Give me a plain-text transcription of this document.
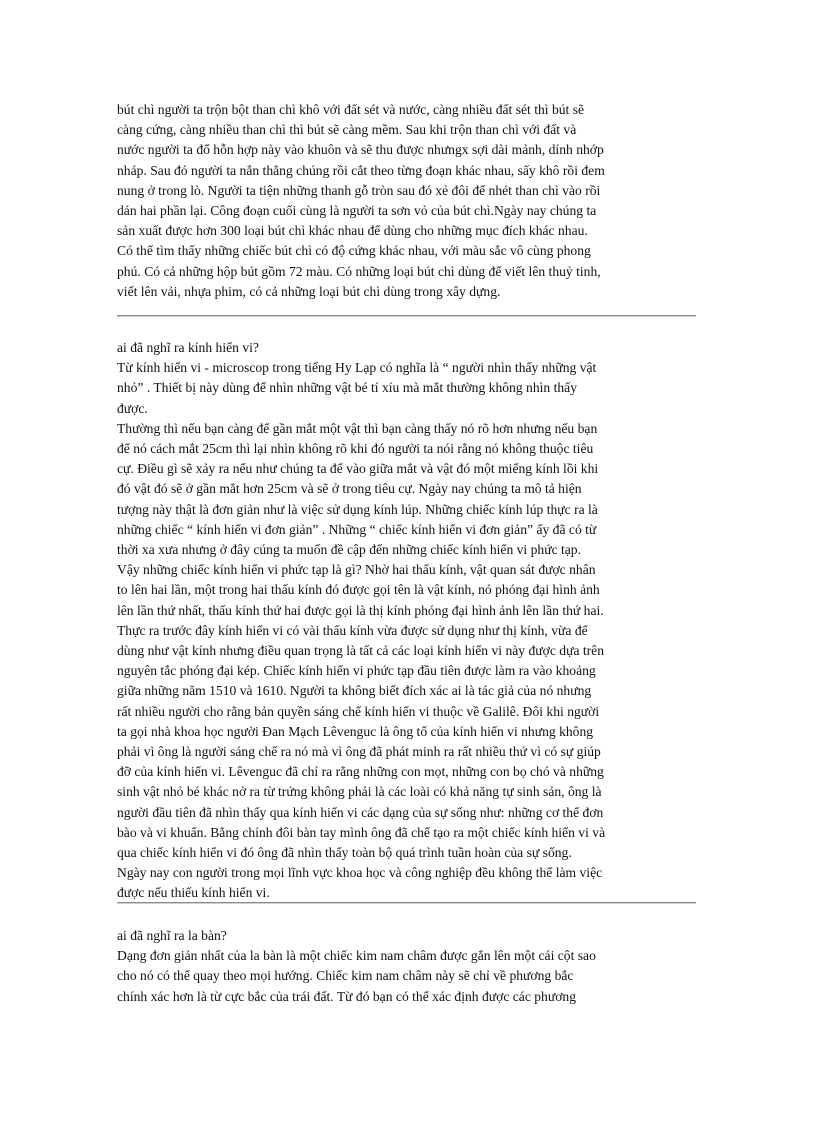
bút chì người ta trộn bột than chì khô với đất sét và nước, càng nhiều đất sét thì bút sẽ
càng cứng, càng nhiều than chì thì bút sẽ càng mềm. Sau khi trộn than chì với đất và
nước người ta đổ hỗn hợp này vào khuôn và sẽ thu được nhưngx sợi dài mảnh, dính nhớp
nháp. Sau đó người ta nắn thẳng chúng rồi cắt theo từng đoạn khác nhau, sấy khô rồi đem
nung ở trong lò. Người ta tiện những thanh gỗ tròn sau đó xẻ đôi để nhét than chì vào rồi
dán hai phần lại. Công đoạn cuối cùng là người ta sơn vỏ của bút chì.Ngày nay chúng ta
sản xuất được hơn 300 loại bút chì khác nhau để dùng cho những mục đích khác nhau.
Có thể tìm thấy những chiếc bút chì có độ cứng khác nhau, với màu sắc vô cùng phong
phú. Có cả những hộp bút gồm 72 màu. Có những loại bút chì dùng để viết lên thuỷ tinh,
viết lên vải, nhựa phim, có cả những loại bút chì dùng trong xây dựng.
ai đã nghĩ ra kính hiển vi?
Từ kính hiển vi - microscop trong tiếng Hy Lạp có nghĩa là “ người nhìn thấy những vật
nhỏ” . Thiết bị này dùng để nhìn những vật bé tí xíu mà mắt thường không nhìn thấy
được.
Thường thì nếu bạn càng để gần mắt một vật thì bạn càng thấy nó rõ hơn nhưng nếu bạn
để nó cách mắt 25cm thì lại nhìn không rõ khi đó người ta nói rằng nó không thuộc tiêu
cự. Điều gì sẽ xảy ra nếu như chúng ta để vào giữa mắt và vật đó một miếng kính lồi khi
đó vật đó sẽ ở gần mắt hơn 25cm và sẽ ở trong tiêu cự. Ngày nay chúng ta mô tả hiện
tượng này thật là đơn giản như là việc sử dụng kính lúp. Những chiếc kính lúp thực ra là
những chiếc “ kính hiển vi đơn giản” . Những “ chiếc kính hiển vi đơn giản” ấy đã có từ
thời xa xưa nhưng ở đây cúng ta muốn đề cập đến những chiếc kính hiển vi phức tạp.
Vậy những chiếc kính hiển vi phức tạp là gì? Nhờ hai thấu kính, vật quan sát được nhân
to lên hai lần, một trong hai thấu kính đó được gọi tên là vật kính, nó phóng đại hình ảnh
lên lần thứ nhất, thấu kính thứ hai được gọi là thị kính phóng đại hình ảnh lên lần thứ hai.
Thực ra trước đây kính hiển vi có vài thấu kính vừa được sử dụng như thị kính, vừa để
dùng như vật kính nhưng điều quan trọng là tất cả các loại kính hiển vi này được dựa trên
nguyên tắc phóng đại kép. Chiếc kính hiển vi phức tạp đầu tiên được làm ra vào khoảng
giữa những năm 1510 và 1610. Người ta không biết đích xác ai là tác giả của nó nhưng
rất nhiều người cho rằng bản quyền sáng chế kính hiển vi thuộc về Galilê. Đôi khi người
ta gọi nhà khoa học người Đan Mạch Lêvenguc là ông tổ của kính hiển vi nhưng không
phải vì ông là người sáng chế ra nó mà vì ông đã phát minh ra rất nhiều thứ vì có sự giúp
đỡ của kính hiển vi. Lêvenguc đã chỉ ra rằng những con mọt, những con bọ chó và những
sinh vật nhỏ bé khác nở ra từ trứng không phải là các loài có khả năng tự sinh sản, ông là
người đầu tiên đã nhìn thấy qua kính hiển vi các dạng của sự sống như: những cơ thể đơn
bào và vi khuẩn. Bằng chính đôi bàn tay mình ông đã chế tạo ra một chiếc kính hiển vi và
qua chiếc kính hiển vi đó ông đã nhìn thấy toàn bộ quá trình tuần hoàn của sự sống.
Ngày nay con người trong mọi lĩnh vực khoa học và công nghiệp đều không thể làm việc
được nếu thiếu kính hiển vi.
ai đã nghĩ ra la bàn?
Dạng đơn giản nhất của la bàn là một chiếc kim nam châm được gắn lên một cái cột sao
cho nó có thể quay theo mọi hướng. Chiếc kim nam châm này sẽ chỉ về phương bắc
chính xác hơn là từ cực bắc của trái đất. Từ đó bạn có thể xác định được các phương
